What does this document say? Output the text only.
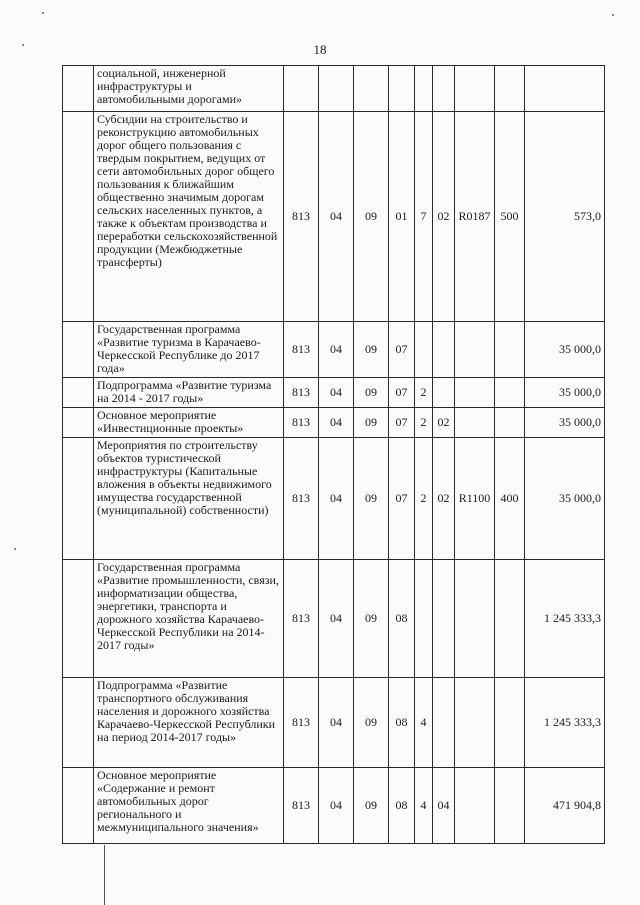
18
	социальной, инженерной инфраструктуры и автомобильными дорогами»									
	Субсидии на строительство и реконструкцию автомобильных дорог общего пользования с твердым покрытием, ведущих от сети автомобильных дорог общего пользования к ближайшим общественно значимым дорогам сельских населенных пунктов, а также к объектам производства и переработки сельскохозяйственной продукции (Межбюджетные трансферты)	813	04	09	01	7	02	R0187	500	573,0
	Государственная программа «Развитие туризма в Карачаево-Черкесской Республике до 2017 года»	813	04	09	07					35 000,0
	Подпрограмма «Развитие туризма на 2014 - 2017 годы»	813	04	09	07	2				35 000,0
	Основное мероприятие «Инвестиционные проекты»	813	04	09	07	2	02			35 000,0
	Мероприятия по строительству объектов туристической инфраструктуры (Капитальные вложения в объекты недвижимого имущества государственной (муниципальной) собственности)	813	04	09	07	2	02	R1100	400	35 000,0
	Государственная программа «Развитие промышленности, связи, информатизации общества, энергетики, транспорта и дорожного хозяйства Карачаево-Черкесской Республики на 2014-2017 годы»	813	04	09	08					1 245 333,3
	Подпрограмма «Развитие транспортного обслуживания населения и дорожного хозяйства Карачаево-Черкесской Республики на период 2014-2017 годы»	813	04	09	08	4				1 245 333,3
	Основное мероприятие «Содержание и ремонт автомобильных дорог регионального и межмуниципального значения»	813	04	09	08	4	04			471 904,8
